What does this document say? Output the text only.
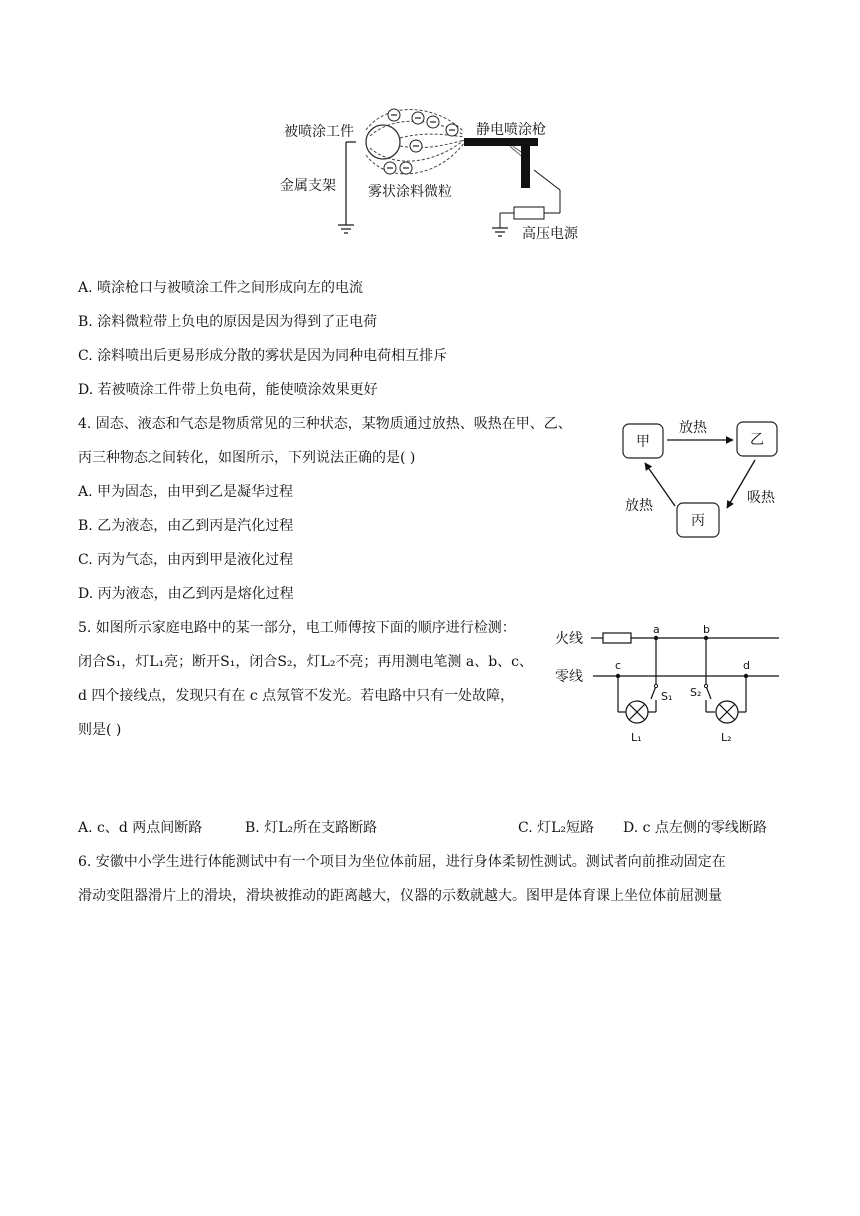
被喷涂工件	静电喷涂枪
金属支架 雾状涂料微粒
高压电源
A. 喷涂枪口与被喷涂工件之间形成向左的电流
B. 涂料微粒带上负电的原因是因为得到了正电荷
C. 涂料喷出后更易形成分散的雾状是因为同种电荷相互排斥
D. 若被喷涂工件带上负电荷，能使喷涂效果更好
4. 固态、液态和气态是物质常见的三种状态，某物质通过放热、吸热在甲、乙、
丙三种物态之间转化，如图所示，下列说法正确的是( )
A. 甲为固态，由甲到乙是凝华过程
B. 乙为液态，由乙到丙是汽化过程
C. 丙为气态，由丙到甲是液化过程
D. 丙为液态，由乙到丙是熔化过程
甲	乙
丙
放热
吸热
放热
5. 如图所示家庭电路中的某一部分，电工师傅按下面的顺序进行检测：
闭合S₁，灯L₁亮；断开S₁，闭合S₂，灯L₂不亮；再用测电笔测 a、b、c、
d 四个接线点，发现只有在 c 点氖管不发光。若电路中只有一处故障，
则是( )
火线
零线
a	b
c	d
S₁ S₂
L₁	L₂
A. c、d 两点间断路	B. 灯L₂所在支路断路	C. 灯L₂短路 D. c 点左侧的零线断路
6. 安徽中小学生进行体能测试中有一个项目为坐位体前屈，进行身体柔韧性测试。测试者向前推动固定在
滑动变阻器滑片上的滑块，滑块被推动的距离越大，仪器的示数就越大。图甲是体育课上坐位体前屈测量
